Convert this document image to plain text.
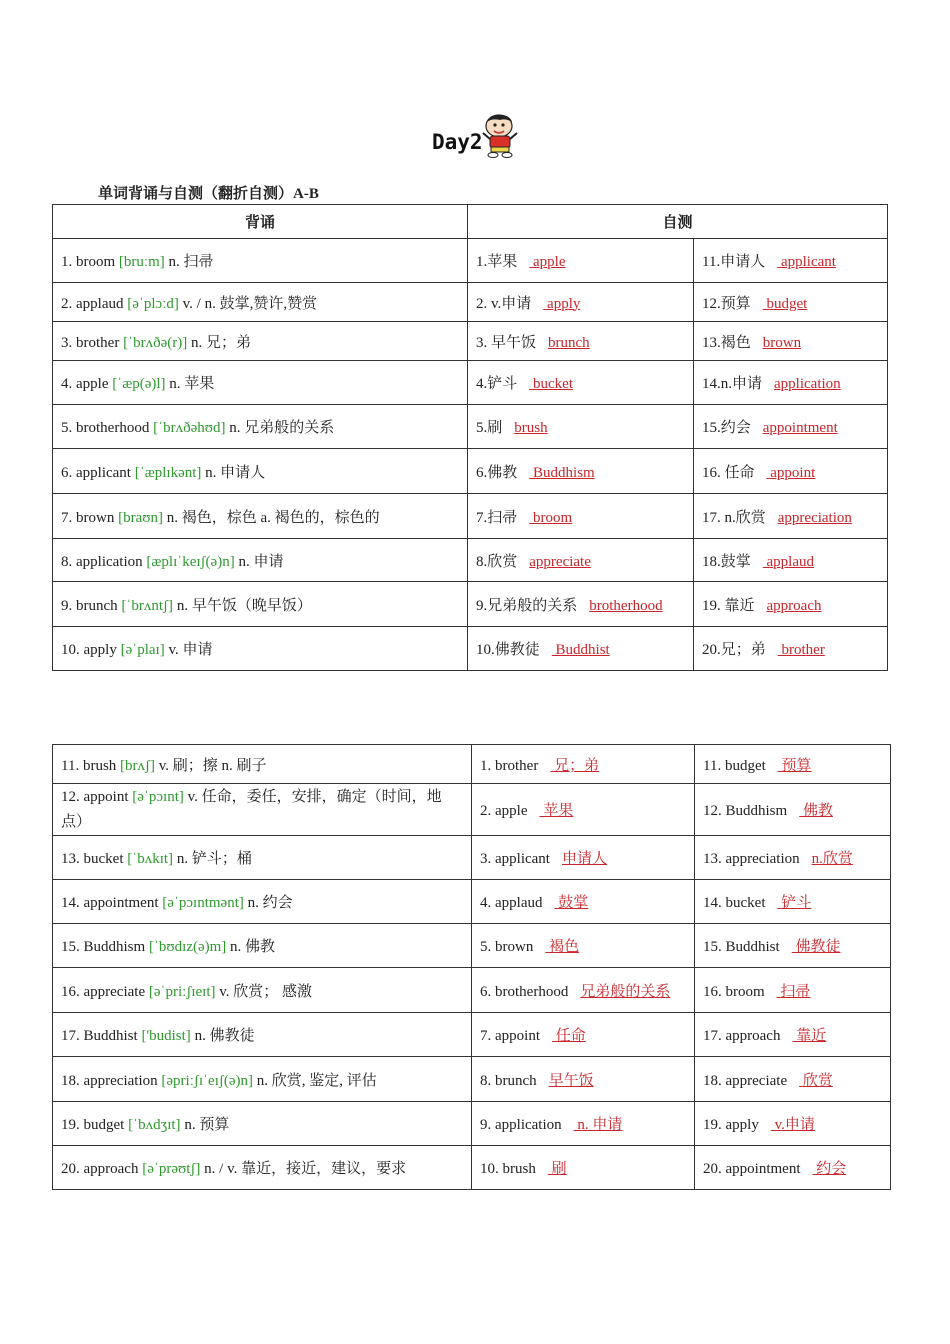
Day2
单词背诵与自测（翻折自测）A-B
背诵	自测	
1. broom [bruːm] n. 扫帚	1.苹果 apple	11.申请人 applicant
2. applaud [əˈplɔːd] v. / n. 鼓掌,赞许,赞赏	2. v.申请 apply	12.预算 budget
3. brother [ˈbrʌðə(r)] n. 兄；弟	3. 早午饭 brunch	13.褐色 brown
4. apple [ˈæp(ə)l] n. 苹果	4.铲斗 bucket	14.n.申请 application
5. brotherhood [ˈbrʌðəhʊd] n. 兄弟般的关系	5.刷 brush	15.约会 appointment
6. applicant [ˈæplɪkənt] n. 申请人	6.佛教 Buddhism	16. 任命 appoint
7. brown [braʊn] n. 褐色，棕色 a. 褐色的，棕色的	7.扫帚 broom	17. n.欣赏 appreciation
8. application [æplɪˈkeɪʃ(ə)n] n. 申请	8.欣赏 appreciate	18.鼓掌 applaud
9. brunch [ˈbrʌntʃ] n. 早午饭（晚早饭）	9.兄弟般的关系 brotherhood	19. 靠近 approach
10. apply [əˈplaɪ] v. 申请	10.佛教徒 Buddhist	20.兄；弟 brother
11. brush [brʌʃ] v. 刷；擦 n. 刷子	1. brother 兄；弟	11. budget 预算
12. appoint [əˈpɔɪnt] v. 任命，委任，安排，确定（时间，地点）	2. apple 苹果	12. Buddhism 佛教
13. bucket [ˈbʌkɪt] n. 铲斗；桶	3. applicant 申请人	13. appreciation n.欣赏
14. appointment [əˈpɔɪntmənt] n. 约会	4. applaud 鼓掌	14. bucket 铲斗
15. Buddhism [ˈbʊdɪz(ə)m] n. 佛教	5. brown 褐色	15. Buddhist 佛教徒
16. appreciate [əˈpriːʃɪeɪt] v. 欣赏； 感激	6. brotherhood 兄弟般的关系	16. broom 扫帚
17. Buddhist ['budist] n. 佛教徒	7. appoint 任命	17. approach 靠近
18. appreciation [əpriːʃɪˈeɪʃ(ə)n] n. 欣赏, 鉴定, 评估	8. brunch 早午饭	18. appreciate 欣赏
19. budget [ˈbʌdʒɪt] n. 预算	9. application n. 申请	19. apply v.申请
20. approach [əˈprəʊtʃ] n. / v. 靠近，接近，建议，要求	10. brush 刷	20. appointment 约会
